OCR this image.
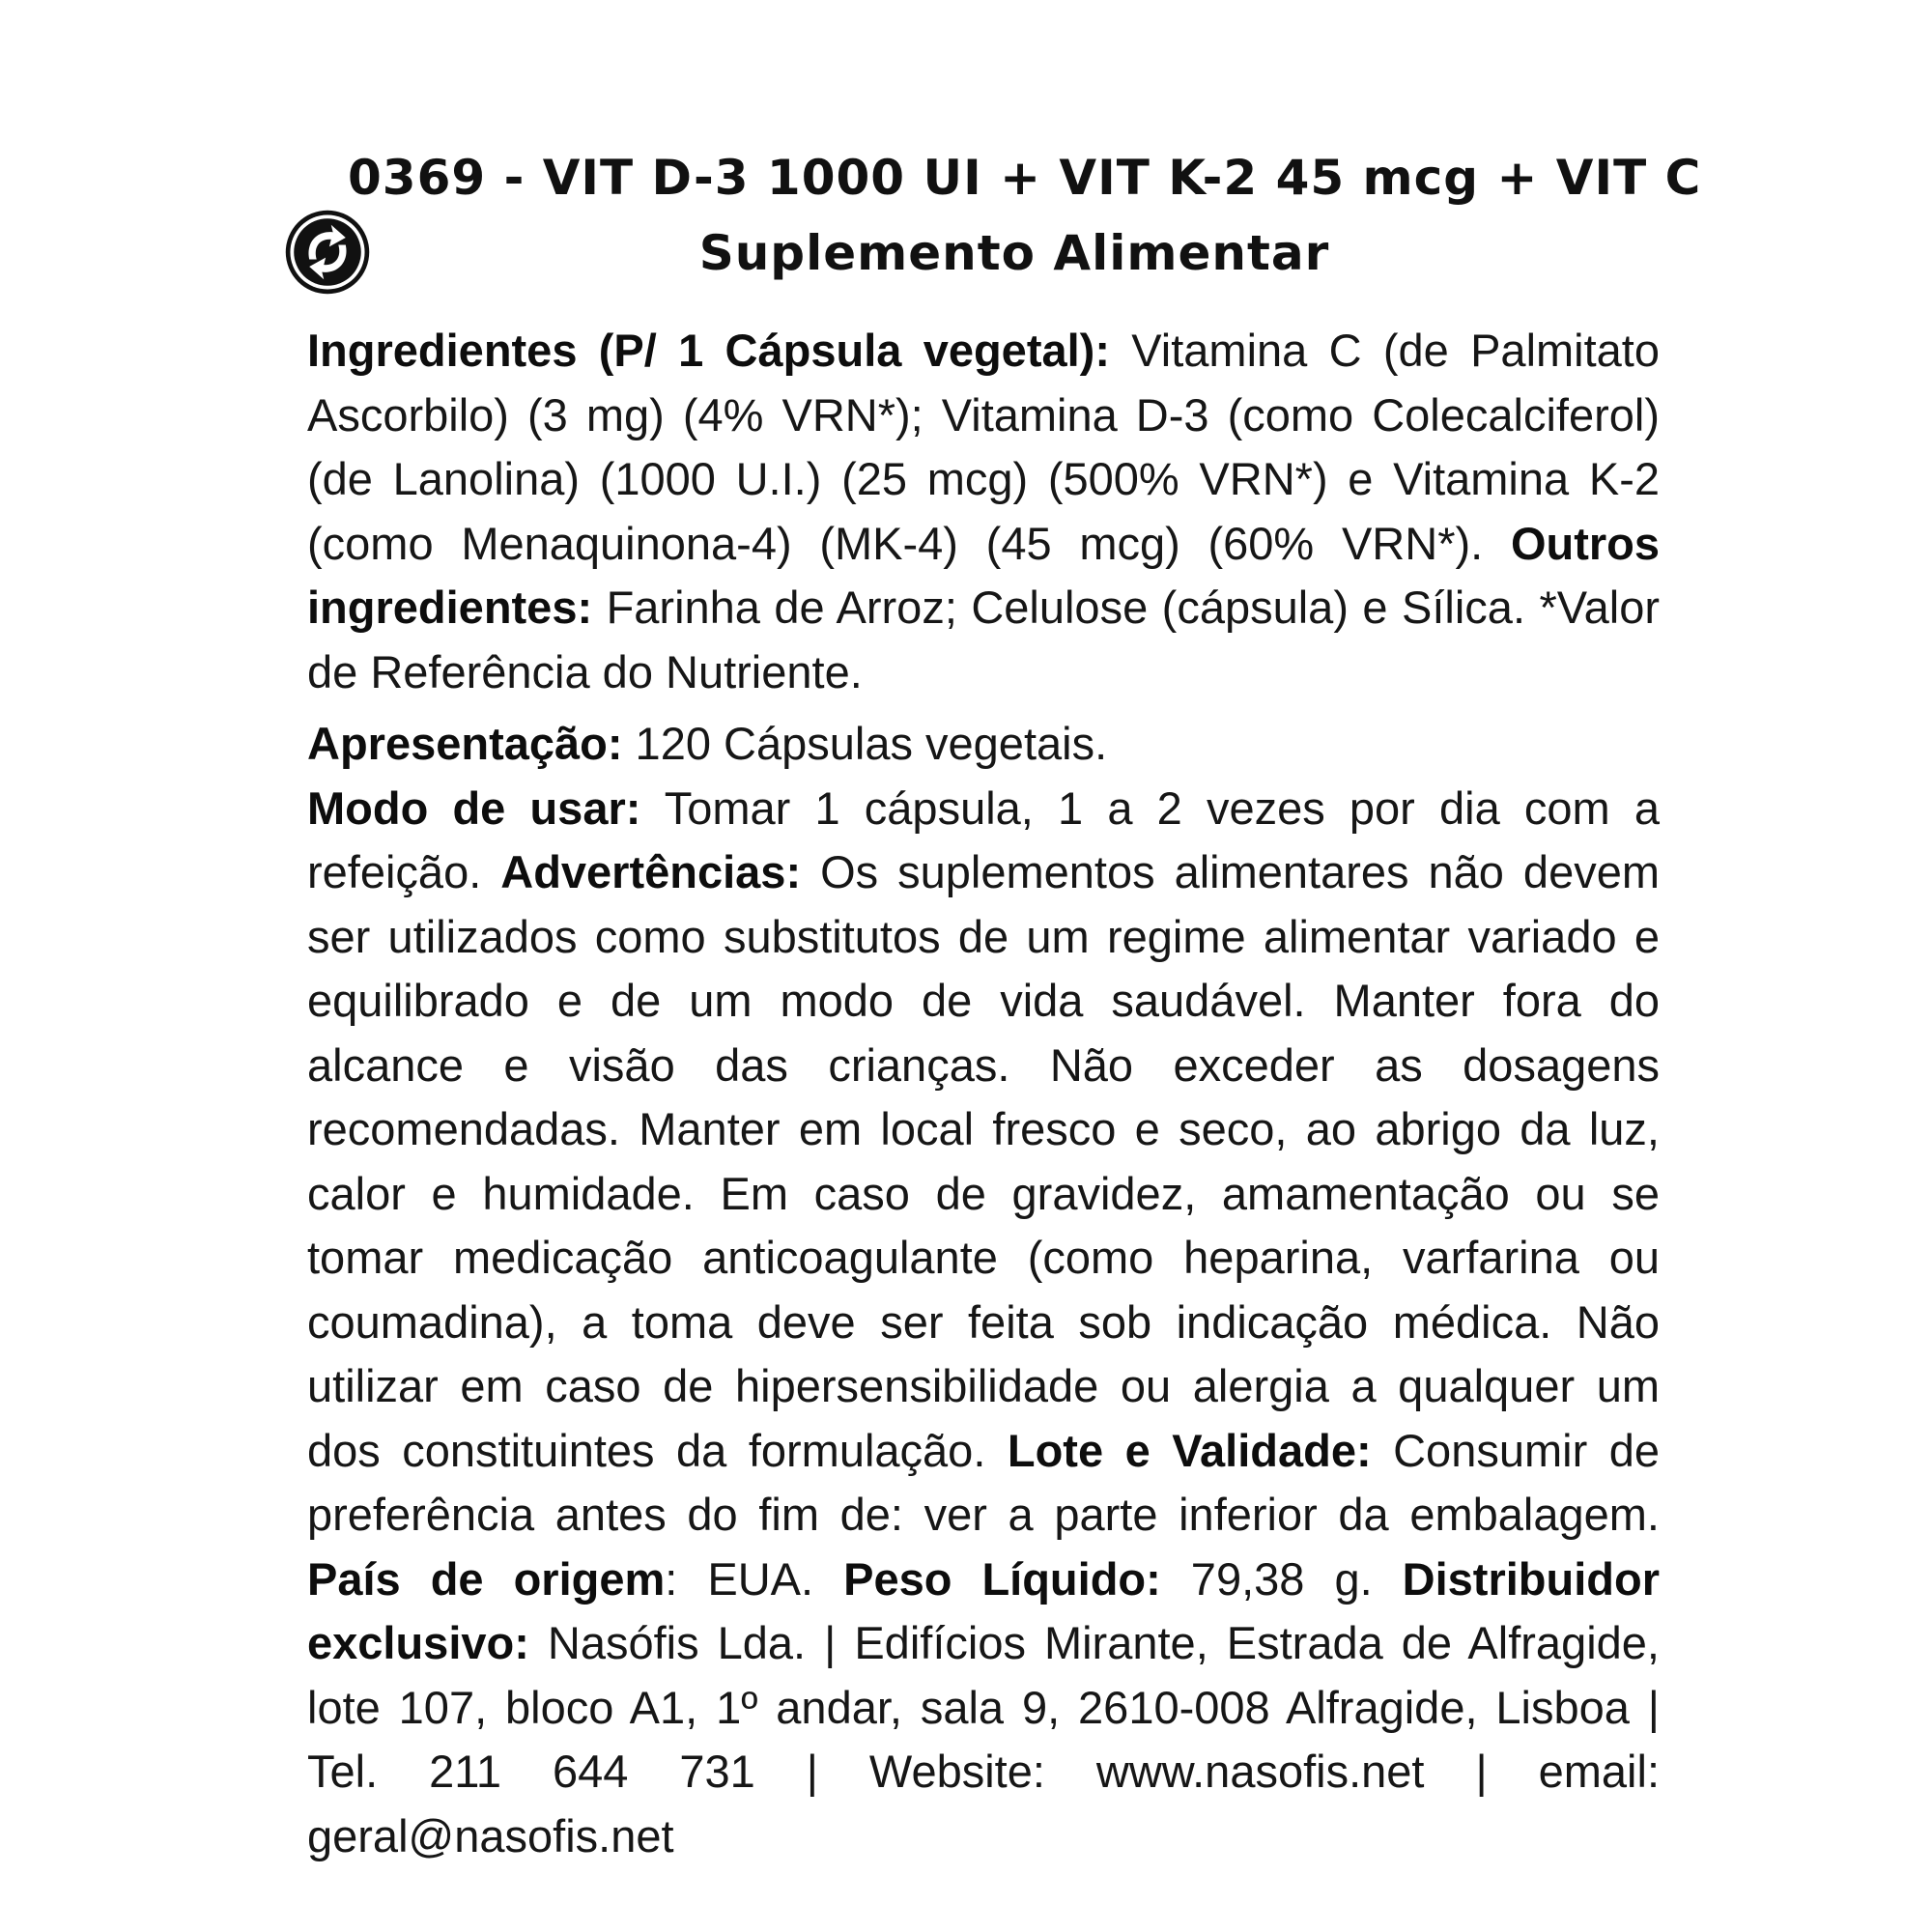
0369 - VIT D-3 1000 UI + VIT K-2 45 mcg + VIT C
Suplemento Alimentar

Ingredientes (P/ 1 Cápsula vegetal): Vitamina C (de Palmitato Ascorbilo) (3 mg) (4% VRN*); Vitamina D-3 (como Colecalciferol) (de Lanolina) (1000 U.I.) (25 mcg) (500% VRN*) e Vitamina K-2 (como Menaquinona-4) (MK-4) (45 mcg) (60% VRN*). Outros ingredientes: Farinha de Arroz; Celulose (cápsula) e Sílica. *Valor de Referência do Nutriente.

Apresentação: 120 Cápsulas vegetais.

Modo de usar: Tomar 1 cápsula, 1 a 2 vezes por dia com a refeição. Advertências: Os suplementos alimentares não devem ser utilizados como substitutos de um regime alimentar variado e equilibrado e de um modo de vida saudável. Manter fora do alcance e visão das crianças. Não exceder as dosagens recomendadas. Manter em local fresco e seco, ao abrigo da luz, calor e humidade. Em caso de gravidez, amamentação ou se tomar medicação anticoagulante (como heparina, varfarina ou coumadina), a toma deve ser feita sob indicação médica. Não utilizar em caso de hipersensibilidade ou alergia a qualquer um dos constituintes da formulação. Lote e Validade: Consumir de preferência antes do fim de: ver a parte inferior da embalagem. País de origem: EUA. Peso Líquido: 79,38 g. Distribuidor exclusivo: Nasófis Lda. | Edifícios Mirante, Estrada de Alfragide, lote 107, bloco A1, 1º andar, sala 9, 2610-008 Alfragide, Lisboa | Tel. 211 644 731 | Website: www.nasofis.net | email: geral@nasofis.net
